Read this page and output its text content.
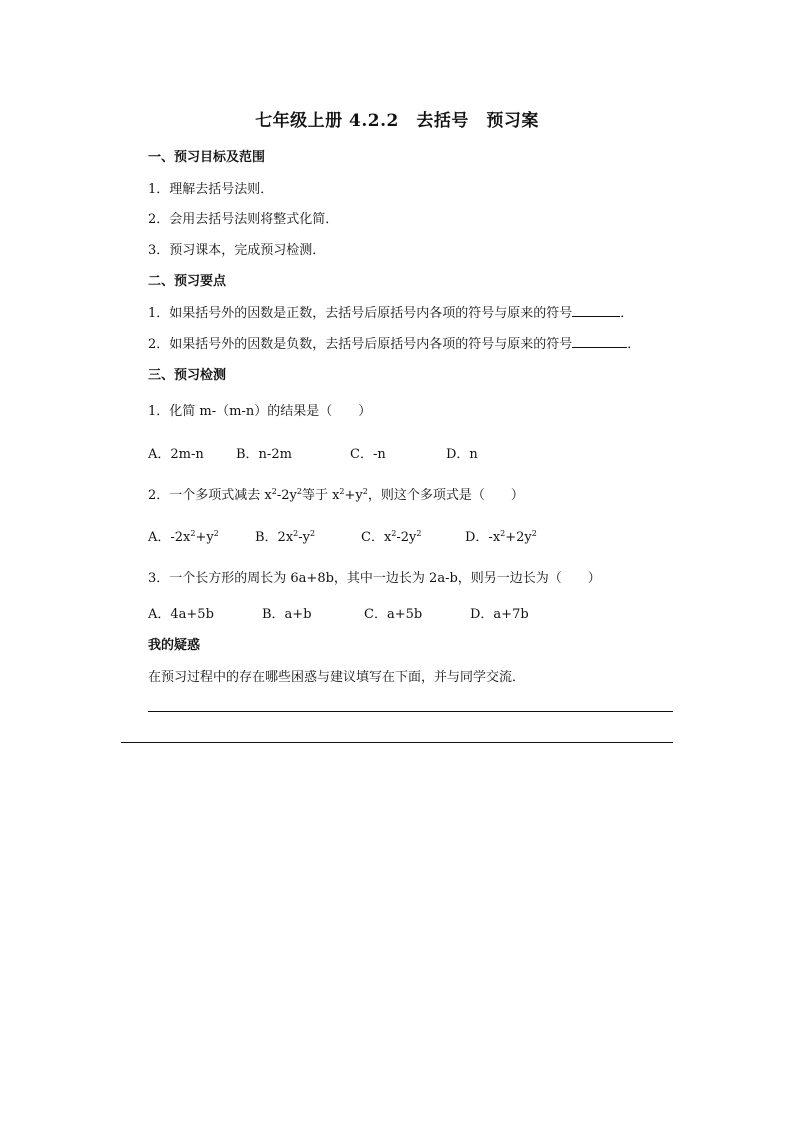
七年级上册 4.2.2　去括号　预习案
一、预习目标及范围
1．理解去括号法则．
2．会用去括号法则将整式化简．
3．预习课本，完成预习检测．
二、预习要点
1．如果括号外的因数是正数，去括号后原括号内各项的符号与原来的符号	．
2．如果括号外的因数是负数，去括号后原括号内各项的符号与原来的符号	．
三、预习检测
1．化简 m-（m-n）的结果是（　　）
A．2m-n B．n-2m	C．-n	D．n
2．一个多项式减去 $x^2-2y^2$等于 $x^2+y^2$，则这个多项式是（　　）
A．$-2x^2+y^2$	B．$2x^2-y^2$	C．$x^2-2y^2$	D．$-x^2+2y^2$
3．一个长方形的周长为 6a+8b，其中一边长为 2a-b，则另一边长为（　　）
A．4a+5b	B．a+b	C．a+5b	D．a+7b
我的疑惑
在预习过程中的存在哪些困惑与建议填写在下面，并与同学交流．
